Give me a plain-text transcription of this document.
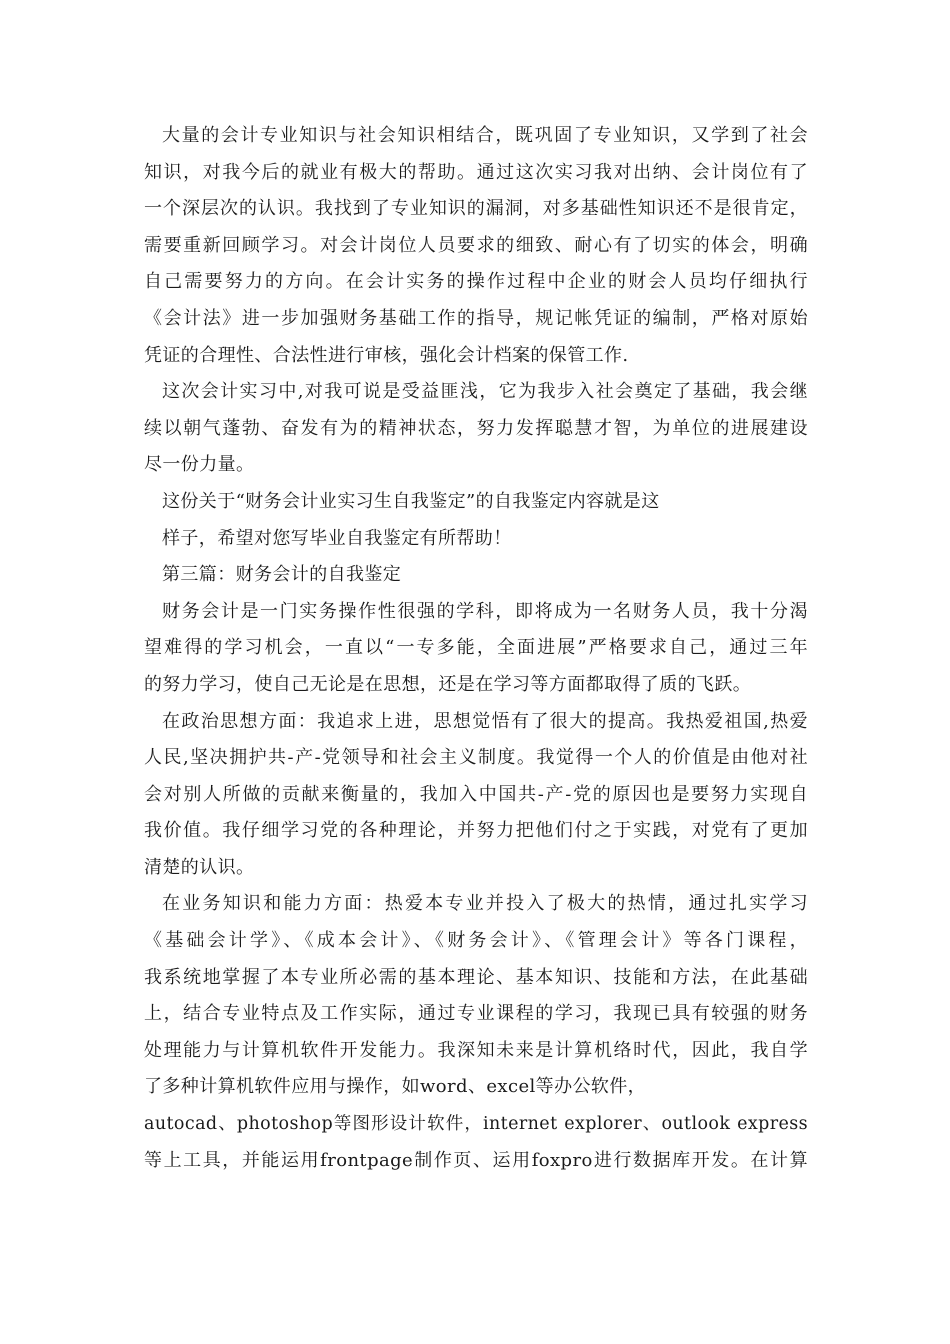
大量的会计专业知识与社会知识相结合，既巩固了专业知识，又学到了社会
知识，对我今后的就业有极大的帮助。通过这次实习我对出纳、会计岗位有了
一个深层次的认识。我找到了专业知识的漏洞，对多基础性知识还不是很肯定，
需要重新回顾学习。对会计岗位人员要求的细致、耐心有了切实的体会，明确
自己需要努力的方向。在会计实务的操作过程中企业的财会人员均仔细执行
《会计法》进一步加强财务基础工作的指导，规记帐凭证的编制，严格对原始
凭证的合理性、合法性进行审核，强化会计档案的保管工作.
这次会计实习中,对我可说是受益匪浅，它为我步入社会奠定了基础，我会继
续以朝气蓬勃、奋发有为的精神状态，努力发挥聪慧才智，为单位的进展建设
尽一份力量。
这份关于“财务会计业实习生自我鉴定”的自我鉴定内容就是这
样子，希望对您写毕业自我鉴定有所帮助！
第三篇：财务会计的自我鉴定
财务会计是一门实务操作性很强的学科，即将成为一名财务人员，我十分渴
望难得的学习机会，一直以“一专多能，全面进展”严格要求自己，通过三年
的努力学习，使自己无论是在思想，还是在学习等方面都取得了质的飞跃。
在政治思想方面：我追求上进，思想觉悟有了很大的提高。我热爱祖国,热爱
人民,坚决拥护共-产-党领导和社会主义制度。我觉得一个人的价值是由他对社
会对别人所做的贡献来衡量的，我加入中国共-产-党的原因也是要努力实现自
我价值。我仔细学习党的各种理论，并努力把他们付之于实践，对党有了更加
清楚的认识。
在业务知识和能力方面：热爱本专业并投入了极大的热情，通过扎实学习
《基础会计学》、《成本会计》、《财务会计》、《管理会计》等各门课程，
我系统地掌握了本专业所必需的基本理论、基本知识、技能和方法，在此基础
上，结合专业特点及工作实际，通过专业课程的学习，我现已具有较强的财务
处理能力与计算机软件开发能力。我深知未来是计算机络时代，因此，我自学
了多种计算机软件应用与操作，如word、excel等办公软件，
autocad、photoshop等图形设计软件，internet explorer、outlook express
等上工具，并能运用frontpage制作页、运用foxpro进行数据库开发。在计算
